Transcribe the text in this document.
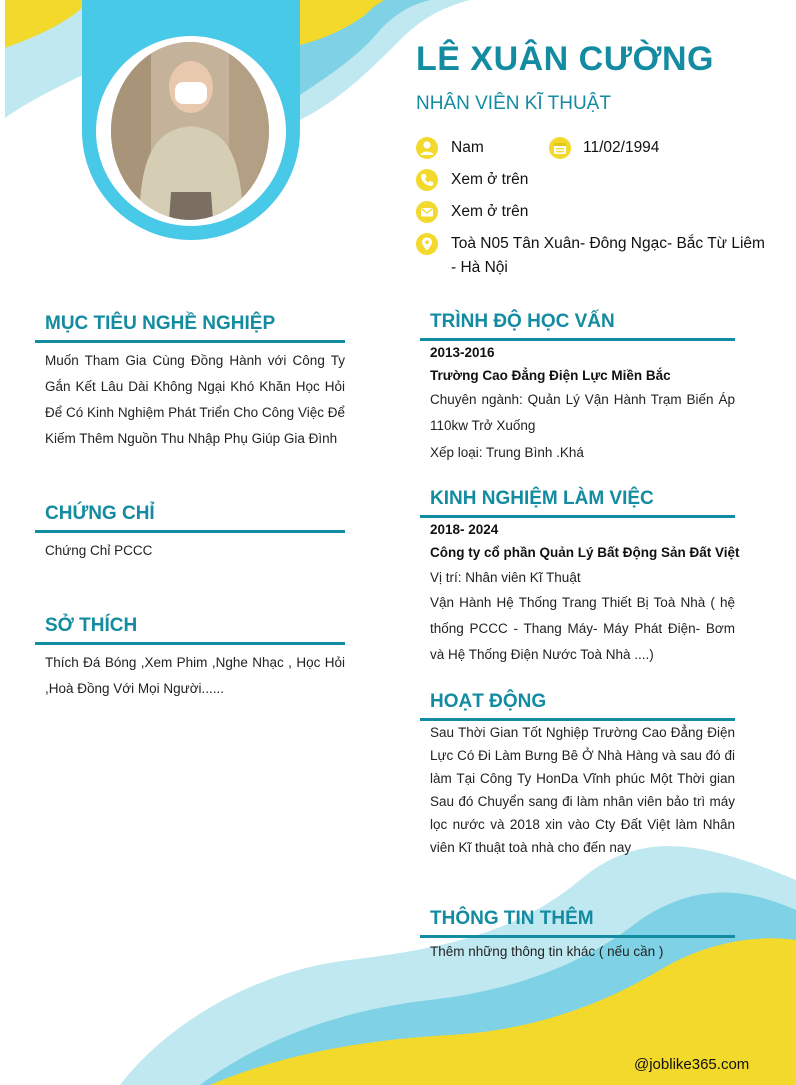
LÊ XUÂN CƯỜNG
NHÂN VIÊN KĨ THUẬT
Nam	11/02/1994
Xem ở trên
Xem ở trên
Toà N05 Tân Xuân- Đông Ngạc- Bắc Từ Liêm
- Hà Nội
MỤC TIÊU NGHỀ NGHIỆP
Muốn Tham Gia Cùng Đồng Hành với Công Ty Gắn Kết Lâu Dài Không Ngại Khó Khăn Học Hỏi Để Có Kinh Nghiệm Phát Triển Cho Công Việc Để Kiếm Thêm Nguồn Thu Nhập Phụ Giúp Gia Đình
CHỨNG CHỈ
Chứng Chỉ PCCC
SỞ THÍCH
Thích Đá Bóng ,Xem Phim ,Nghe Nhạc , Học Hỏi ,Hoà Đồng Với Mọi Người......
TRÌNH ĐỘ HỌC VẤN
2013-2016
Trường Cao Đẳng Điện Lực Miền Bắc
Chuyên ngành: Quản Lý Vận Hành Trạm Biến Áp 110kw Trở Xuống
Xếp loại: Trung Bình .Khá
KINH NGHIỆM LÀM VIỆC
2018- 2024
Công ty cổ phần Quản Lý Bất Động Sản Đất Việt
Vị trí: Nhân viên Kĩ Thuật
Vận Hành Hệ Thống Trang Thiết Bị Toà Nhà ( hệ thống PCCC - Thang Máy- Máy Phát Điện- Bơm và Hệ Thống Điện Nước Toà Nhà ....)
HOẠT ĐỘNG
Sau Thời Gian Tốt Nghiệp Trường Cao Đẳng Điện Lực Có Đi Làm Bưng Bê Ở Nhà Hàng và sau đó đi làm Tại Công Ty HonDa Vĩnh phúc Một Thời gian Sau đó Chuyển sang đi làm nhân viên bảo trì máy lọc nước và 2018 xin vào Cty Đất Việt làm Nhân viên Kĩ thuật toà nhà cho đến nay
THÔNG TIN THÊM
Thêm những thông tin khác ( nếu cần )
@joblike365.com
